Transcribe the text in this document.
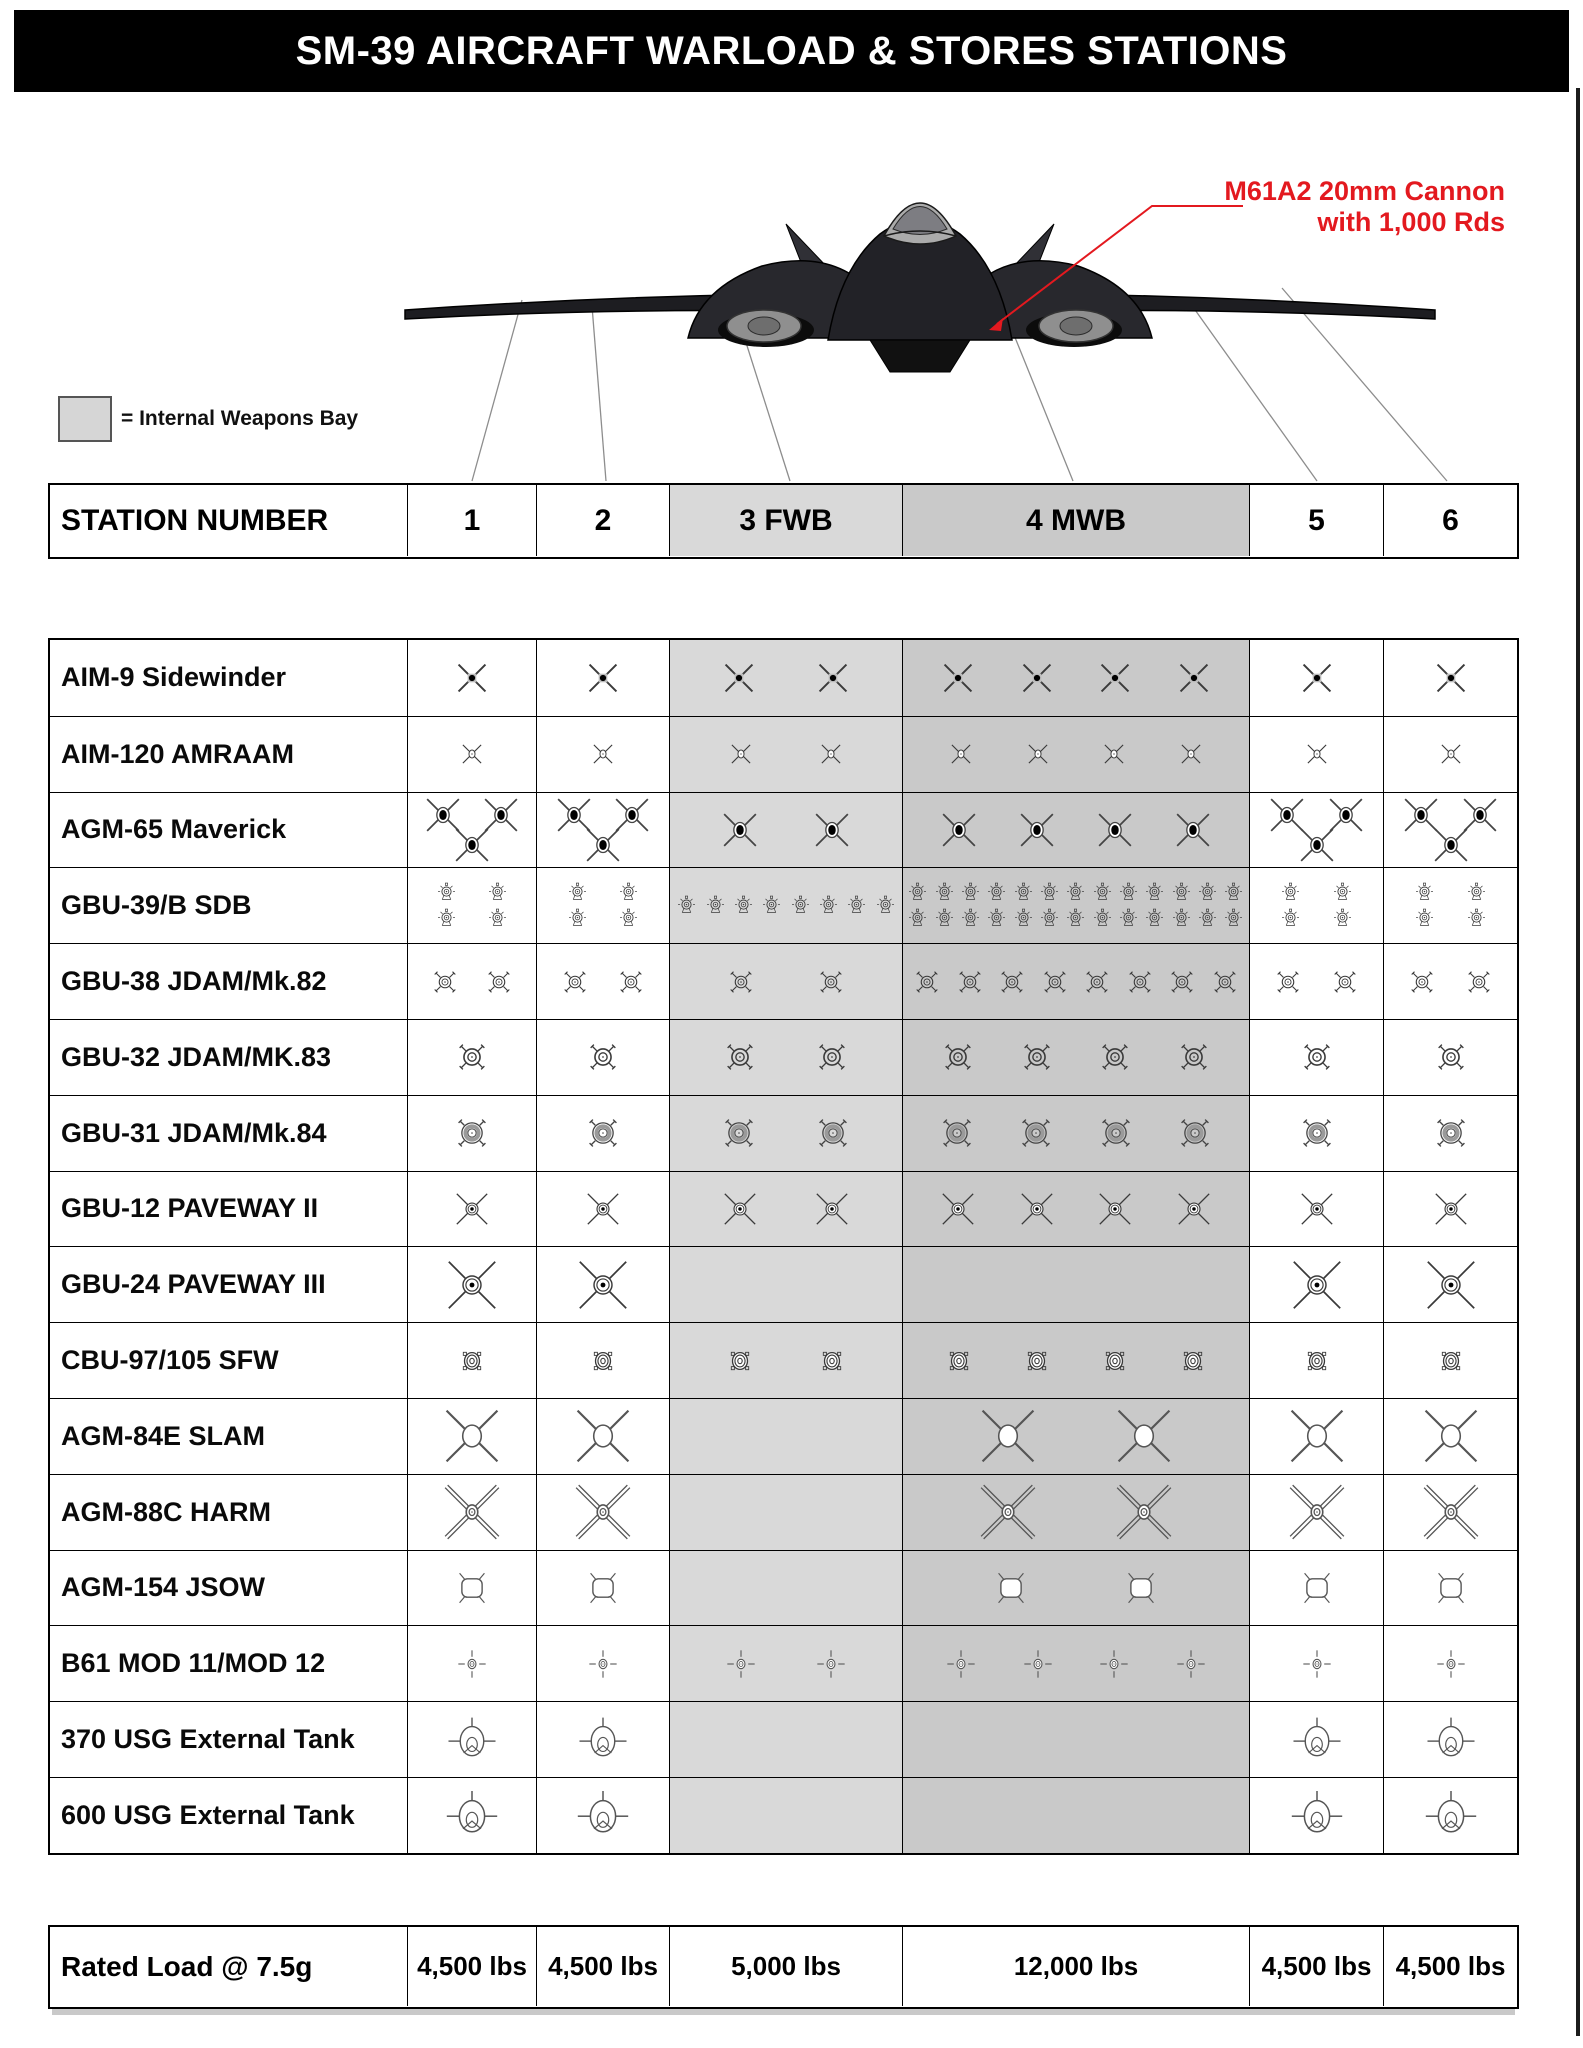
SM-39 AIRCRAFT WARLOAD & STORES STATIONS
M61A2 20mm Cannon
with 1,000 Rds
= Internal Weapons Bay
STATION NUMBER	1	2	3 FWB	4 MWB	5	6
AIM-9 Sidewinder
AIM-120 AMRAAM
AGM-65 Maverick
GBU-39/B SDB
GBU-38 JDAM/Mk.82
GBU-32 JDAM/MK.83
GBU-31 JDAM/Mk.84
GBU-12 PAVEWAY II
GBU-24 PAVEWAY III
CBU-97/105 SFW
AGM-84E SLAM
AGM-88C HARM
AGM-154 JSOW
B61 MOD 11/MOD 12
370 USG External Tank
600 USG External Tank
Rated Load @ 7.5g	4,500 lbs 4,500 lbs	5,000 lbs	12,000 lbs	4,500 lbs 4,500 lbs
